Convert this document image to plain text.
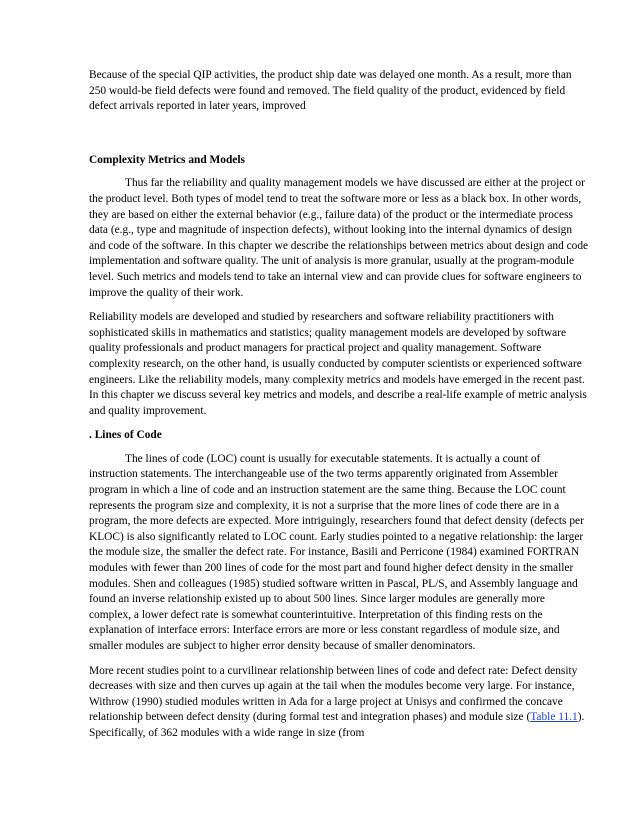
Because of the special QIP activities, the product ship date was delayed one month. As a result, more than 250 would-be field defects were found and removed. The field quality of the product, evidenced by field defect arrivals reported in later years, improved

Complexity Metrics and Models

Thus far the reliability and quality management models we have discussed are either at the project or the product level. Both types of model tend to treat the software more or less as a black box. In other words, they are based on either the external behavior (e.g., failure data) of the product or the intermediate process data (e.g., type and magnitude of inspection defects), without looking into the internal dynamics of design and code of the software. In this chapter we describe the relationships between metrics about design and code implementation and software quality. The unit of analysis is more granular, usually at the program-module level. Such metrics and models tend to take an internal view and can provide clues for software engineers to improve the quality of their work.

Reliability models are developed and studied by researchers and software reliability practitioners with sophisticated skills in mathematics and statistics; quality management models are developed by software quality professionals and product managers for practical project and quality management. Software complexity research, on the other hand, is usually conducted by computer scientists or experienced software engineers. Like the reliability models, many complexity metrics and models have emerged in the recent past. In this chapter we discuss several key metrics and models, and describe a real-life example of metric analysis and quality improvement.

. Lines of Code

The lines of code (LOC) count is usually for executable statements. It is actually a count of instruction statements. The interchangeable use of the two terms apparently originated from Assembler program in which a line of code and an instruction statement are the same thing. Because the LOC count represents the program size and complexity, it is not a surprise that the more lines of code there are in a program, the more defects are expected. More intriguingly, researchers found that defect density (defects per KLOC) is also significantly related to LOC count. Early studies pointed to a negative relationship: the larger the module size, the smaller the defect rate. For instance, Basili and Perricone (1984) examined FORTRAN modules with fewer than 200 lines of code for the most part and found higher defect density in the smaller modules. Shen and colleagues (1985) studied software written in Pascal, PL/S, and Assembly language and found an inverse relationship existed up to about 500 lines. Since larger modules are generally more complex, a lower defect rate is somewhat counterintuitive. Interpretation of this finding rests on the explanation of interface errors: Interface errors are more or less constant regardless of module size, and smaller modules are subject to higher error density because of smaller denominators.

More recent studies point to a curvilinear relationship between lines of code and defect rate: Defect density decreases with size and then curves up again at the tail when the modules become very large. For instance, Withrow (1990) studied modules written in Ada for a large project at Unisys and confirmed the concave relationship between defect density (during formal test and integration phases) and module size (Table 11.1). Specifically, of 362 modules with a wide range in size (from
